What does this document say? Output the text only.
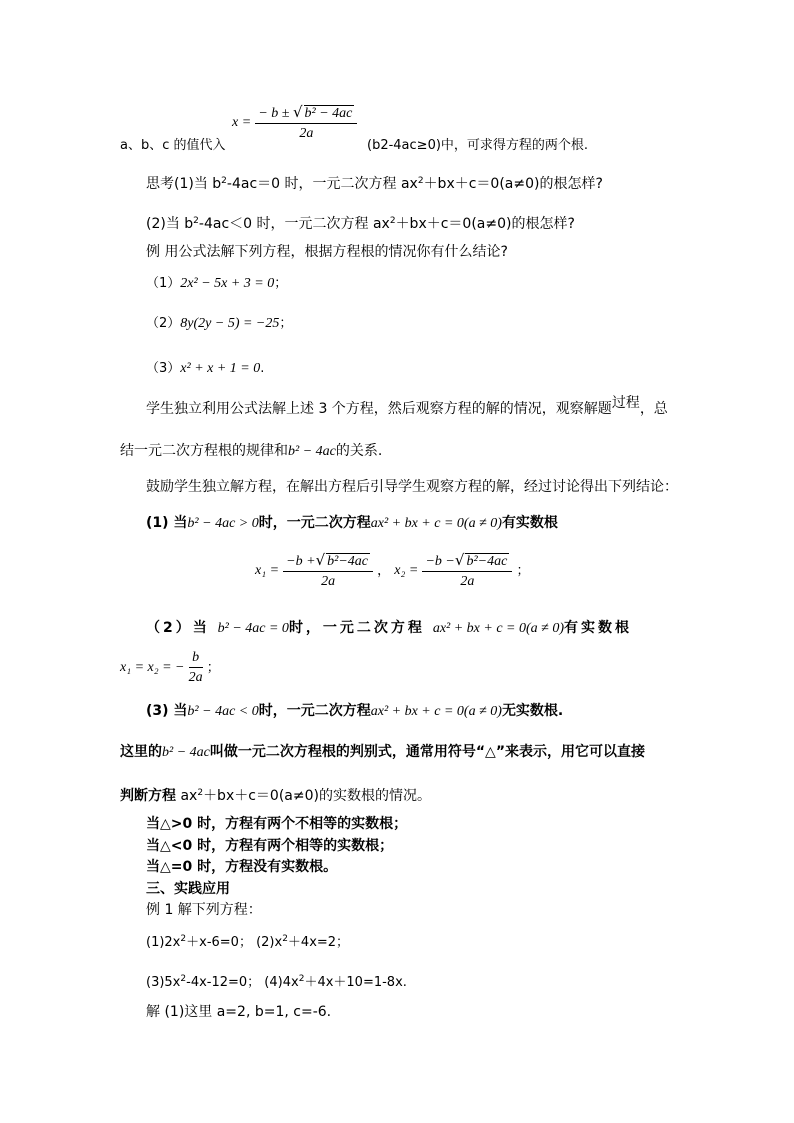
$x = \frac{\text{− b ± √ b² − 4ac}}{2a}$
a、b、c 的值代入	(b2-4ac≥0)中，可求得方程的两个根.
思考(1)当 $b^2-4ac=0$ 时，一元二次方程 $ax^2+bx+c=0(a\ne 0)$的根怎样?
(2)当 $b^2-4ac<0$ 时，一元二次方程 $ax^2+bx+c=0(a\ne 0)$的根怎样?
例 用公式法解下列方程，根据方程根的情况你有什么结论?
（1）2x² − 5x + 3 = 0；
（2）8y(2y − 5) = −25；
（3）x² + x + 1 = 0.
学生独立利用公式法解上述 3 个方程，然后观察方程的解的情况，观察解题过程，总
结一元二次方程根的规律和b² − 4ac的关系.
鼓励学生独立解方程，在解出方程后引导学生观察方程的解，经过讨论得出下列结论：
(1) 当b² − 4ac > 0时，一元二次方程ax² + bx + c = 0(a ≠ 0)有实数根
$x_1 = \frac{\text{−b +√ b²−4ac}}{2a}$ ， $x_2 = \frac{\text{−b −√ b²−4ac}}{2a}$ ；
（2）当 b² − 4ac = 0时，一元二次方程 ax² + bx + c = 0(a ≠ 0)有实数根
x₁ = x₂ = − $\frac{b}{2a}$ ；
(3) 当b² − 4ac < 0时，一元二次方程ax² + bx + c = 0(a ≠ 0)无实数根.
这里的b² − 4ac叫做一元二次方程根的判别式，通常用符号“△”来表示，用它可以直接
判断方程 $ax^2+bx+c=0(a\ne 0)$的实数根的情况。
当△>0 时，方程有两个不相等的实数根；
当△<0 时，方程有两个相等的实数根；
当△=0 时，方程没有实数根。
三、实践应用
例 1 解下列方程：
$(1)2x^2+x-6=0$； $(2)x^2+4x=2$；
$(3)5x^2-4x-12=0$； $(4)4x^2+4x+10=1-8x$.
解 (1)这里 a=2, b=1, c=-6.
